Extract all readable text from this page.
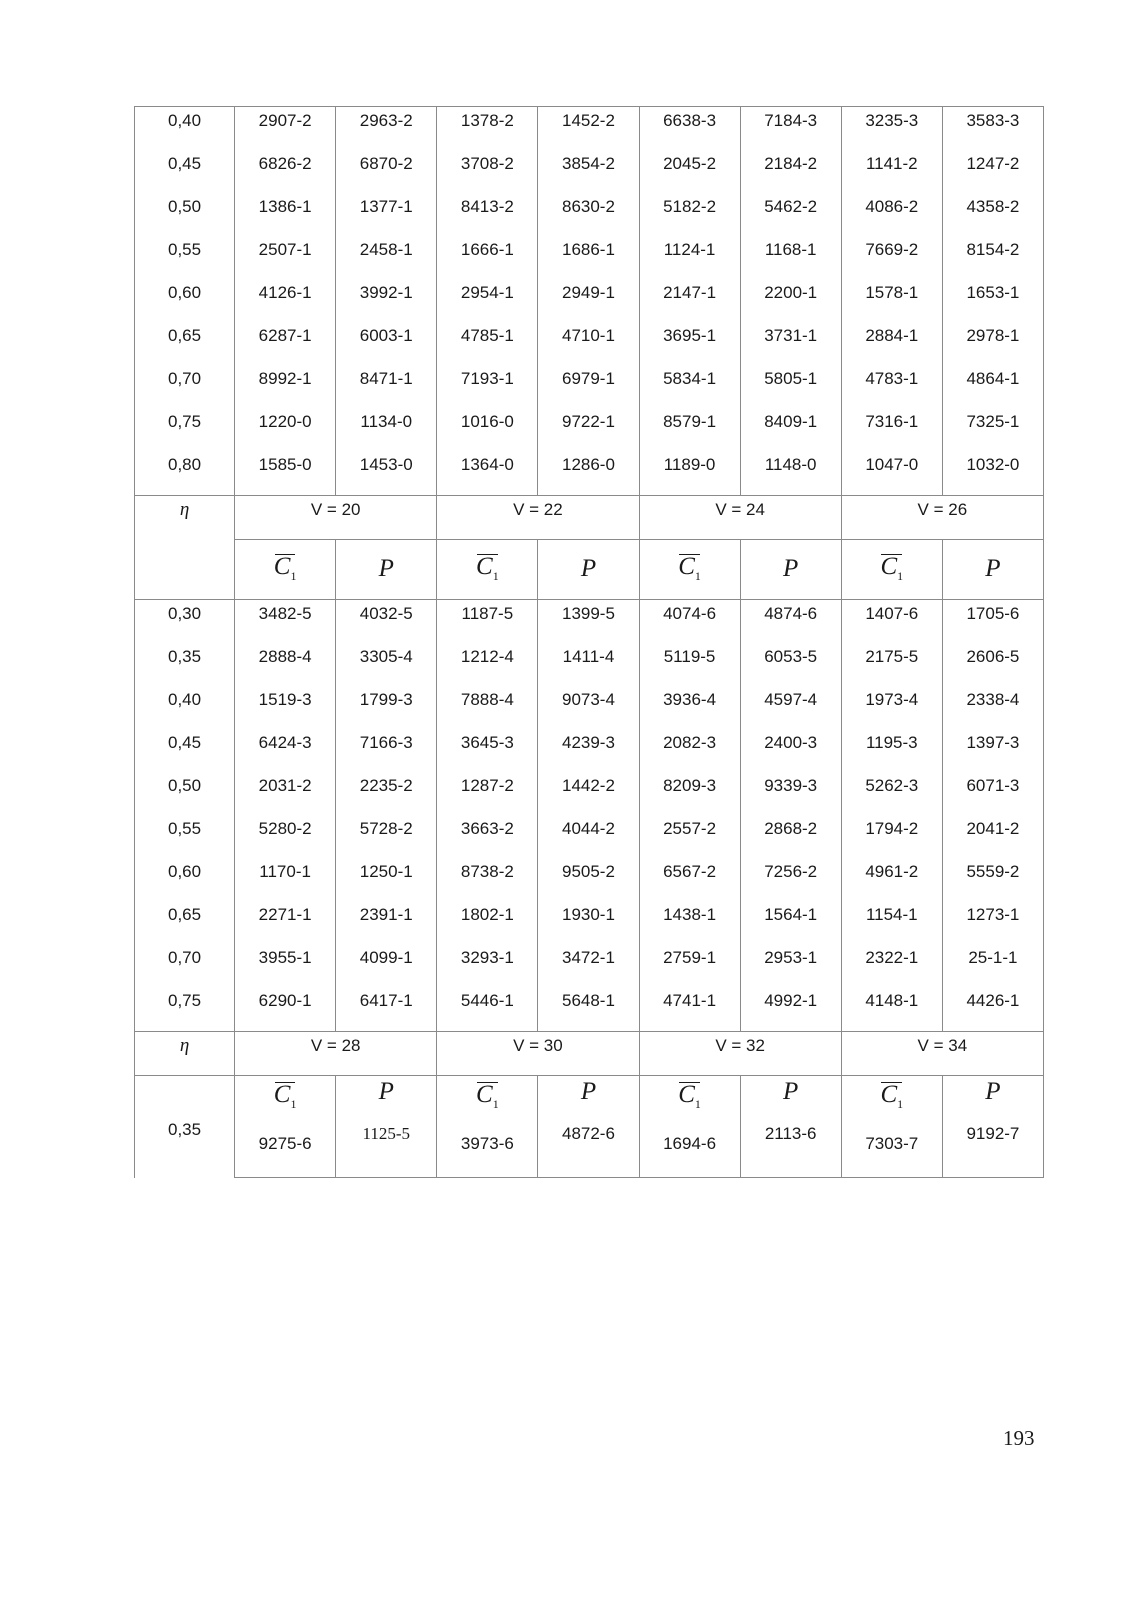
0,40	2907-2	2963-2	1378-2	1452-2	6638-3	7184-3	3235-3	3583-3
0,45	6826-2	6870-2	3708-2	3854-2	2045-2	2184-2	1141-2	1247-2
0,50	1386-1	1377-1	8413-2	8630-2	5182-2	5462-2	4086-2	4358-2
0,55	2507-1	2458-1	1666-1	1686-1	1124-1	1168-1	7669-2	8154-2
0,60	4126-1	3992-1	2954-1	2949-1	2147-1	2200-1	1578-1	1653-1
0,65	6287-1	6003-1	4785-1	4710-1	3695-1	3731-1	2884-1	2978-1
0,70	8992-1	8471-1	7193-1	6979-1	5834-1	5805-1	4783-1	4864-1
0,75	1220-0	1134-0	1016-0	9722-1	8579-1	8409-1	7316-1	7325-1
0,80	1585-0	1453-0	1364-0	1286-0	1189-0	1148-0	1047-0	1032-0
η	V = 20		V = 22		V = 24		V = 26	
	$C_1$	P	$C_1$	P	$C_1$	P	$C_1$	P
0,30	3482-5	4032-5	1187-5	1399-5	4074-6	4874-6	1407-6	1705-6
0,35	2888-4	3305-4	1212-4	1411-4	5119-5	6053-5	2175-5	2606-5
0,40	1519-3	1799-3	7888-4	9073-4	3936-4	4597-4	1973-4	2338-4
0,45	6424-3	7166-3	3645-3	4239-3	2082-3	2400-3	1195-3	1397-3
0,50	2031-2	2235-2	1287-2	1442-2	8209-3	9339-3	5262-3	6071-3
0,55	5280-2	5728-2	3663-2	4044-2	2557-2	2868-2	1794-2	2041-2
0,60	1170-1	1250-1	8738-2	9505-2	6567-2	7256-2	4961-2	5559-2
0,65	2271-1	2391-1	1802-1	1930-1	1438-1	1564-1	1154-1	1273-1
0,70	3955-1	4099-1	3293-1	3472-1	2759-1	2953-1	2322-1	25-1-1
0,75	6290-1	6417-1	5446-1	5648-1	4741-1	4992-1	4148-1	4426-1
η	V = 28		V = 30		V = 32		V = 34	
0,35	$C_1$	P	$C_1$	P	$C_1$	P	$C_1$	P
	9275-6	1125-5	3973-6	4872-6	1694-6	2113-6	7303-7	9192-7
193
